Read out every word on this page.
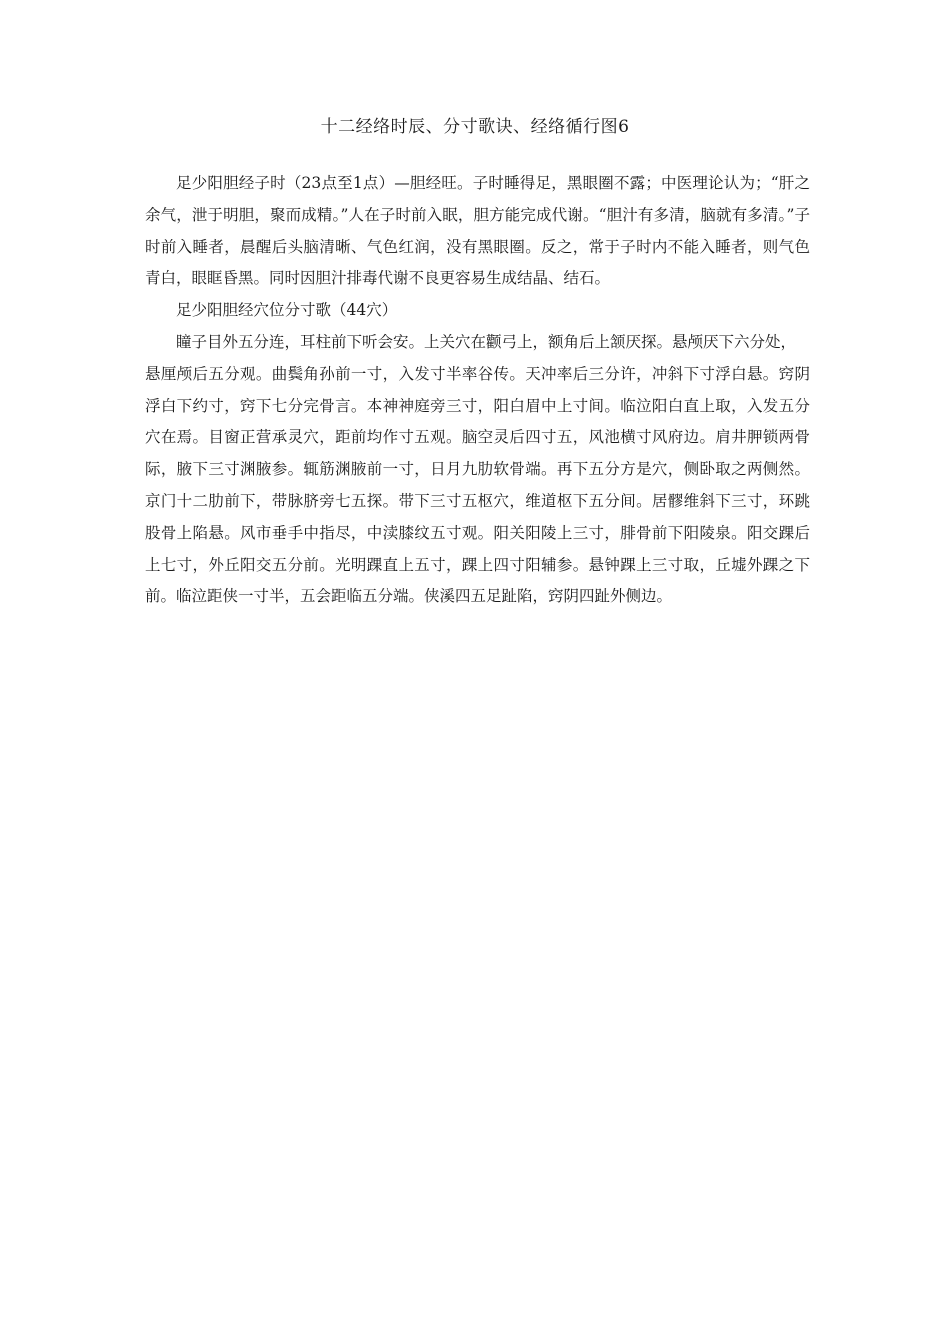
十二经络时辰、分寸歌诀、经络循行图6

足少阳胆经子时（23点至1点）—胆经旺。子时睡得足，黑眼圈不露；中医理论认为；“肝之余气，泄于明胆，聚而成精。”人在子时前入眠，胆方能完成代谢。“胆汁有多清，脑就有多清。”子时前入睡者，晨醒后头脑清晰、气色红润，没有黑眼圈。反之，常于子时内不能入睡者，则气色青白，眼眶昏黑。同时因胆汁排毒代谢不良更容易生成结晶、结石。

足少阳胆经穴位分寸歌（44穴）

瞳子目外五分连，耳柱前下听会安。上关穴在颧弓上，额角后上颔厌探。悬颅厌下六分处，

悬厘颅后五分观。曲鬓角孙前一寸，入发寸半率谷传。天冲率后三分许，冲斜下寸浮白悬。窍阴浮白下约寸，窍下七分完骨言。本神神庭旁三寸，阳白眉中上寸间。临泣阳白直上取，入发五分穴在焉。目窗正营承灵穴，距前均作寸五观。脑空灵后四寸五，风池横寸风府边。肩井胛锁两骨际，腋下三寸渊腋参。辄筋渊腋前一寸，日月九肋软骨端。再下五分方是穴，侧卧取之两侧然。京门十二肋前下，带脉脐旁七五探。带下三寸五枢穴，维道枢下五分间。居髎维斜下三寸，环跳股骨上陷悬。风市垂手中指尽，中渎膝纹五寸观。阳关阳陵上三寸，腓骨前下阳陵泉。阳交踝后上七寸，外丘阳交五分前。光明踝直上五寸，踝上四寸阳辅参。悬钟踝上三寸取，丘墟外踝之下前。临泣距侠一寸半，五会距临五分端。侠溪四五足趾陷，窍阴四趾外侧边。
